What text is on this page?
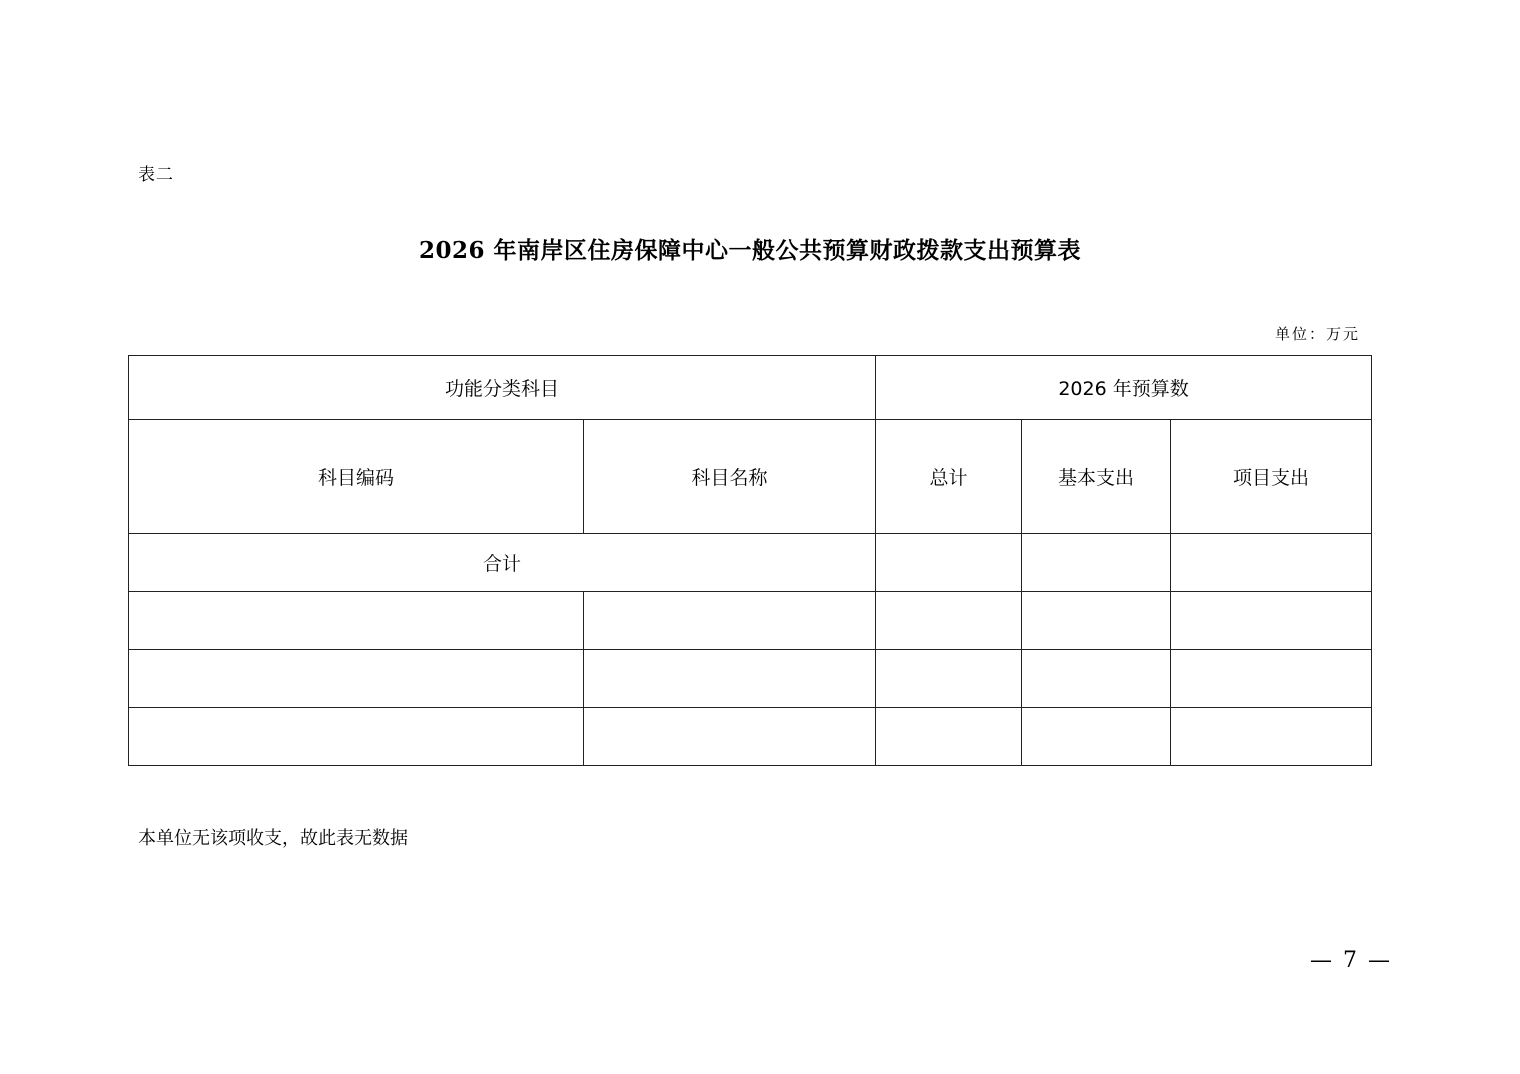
表二
2026 年南岸区住房保障中心一般公共预算财政拨款支出预算表
单位：万元
功能分类科目		2026 年预算数		
科目编码	科目名称	总计	基本支出	项目支出
合计				

本单位无该项收支，故此表无数据
— 7 —
